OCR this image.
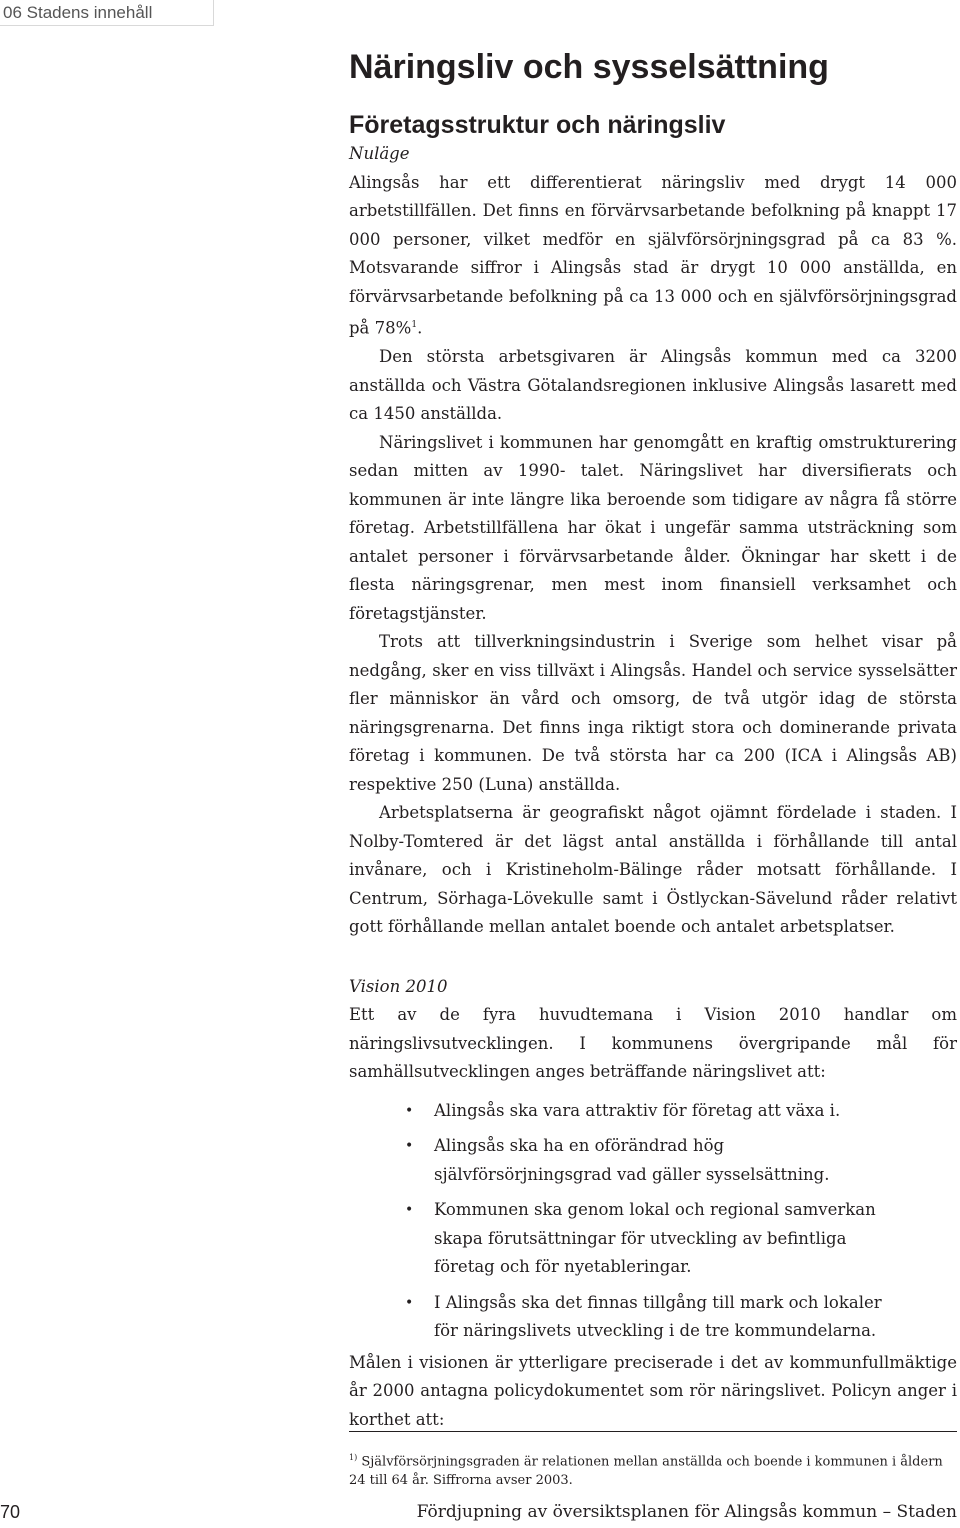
06 Stadens innehåll
Näringsliv och sysselsättning
Företagsstruktur och näringsliv

Nuläge

Alingsås har ett differentierat näringsliv med drygt 14 000 arbetstillfällen. Det finns en förvärvsarbetande befolkning på knappt 17 000 personer, vilket medför en självförsörjningsgrad på ca 83 %. Motsvarande siffror i Alingsås stad är drygt 10 000 anställda, en förvärvsarbetande befolkning på ca 13 000 och en självförsörjningsgrad på 78%$^1$.

Den största arbetsgivaren är Alingsås kommun med ca 3200 anställda och Västra Götalandsregionen inklusive Alingsås lasarett med ca 1450 anställda.

Näringslivet i kommunen har genomgått en kraftig omstrukturering sedan mitten av 1990- talet. Näringslivet har diversifierats och kommunen är inte längre lika beroende som tidigare av några få större företag. Arbetstillfällena har ökat i ungefär samma utsträckning som antalet personer i förvärvsarbetande ålder. Ökningar har skett i de flesta näringsgrenar, men mest inom finansiell verksamhet och företagstjänster.

Trots att tillverkningsindustrin i Sverige som helhet visar på nedgång, sker en viss tillväxt i Alingsås. Handel och service sysselsätter fler människor än vård och omsorg, de två utgör idag de största näringsgrenarna. Det finns inga riktigt stora och dominerande privata företag i kommunen. De två största har ca 200 (ICA i Alingsås AB) respektive 250 (Luna) anställda.

Arbetsplatserna är geografiskt något ojämnt fördelade i staden. I Nolby-Tomtered är det lägst antal anställda i förhållande till antal invånare, och i Kristineholm-Bälinge råder motsatt förhållande. I Centrum, Sörhaga-Lövekulle samt i Östlyckan-Sävelund råder relativt gott förhållande mellan antalet boende och antalet arbetsplatser.

Vision 2010

Ett av de fyra huvudtemana i Vision 2010 handlar om näringslivsutvecklingen. I kommunens övergripande mål för samhällsutvecklingen anges beträffande näringslivet att:

• Alingsås ska vara attraktiv för företag att växa i.
• Alingsås ska ha en oförändrad hög självförsörjningsgrad vad gäller sysselsättning.
• Kommunen ska genom lokal och regional samverkan skapa förutsättningar för utveckling av befintliga företag och för nyetableringar.
• I Alingsås ska det finnas tillgång till mark och lokaler för näringslivets utveckling i de tre kommundelarna.

Målen i visionen är ytterligare preciserade i det av kommunfullmäktige år 2000 antagna policydokumentet som rör näringslivet. Policyn anger i korthet att:

$^{1)}$ Självförsörjningsgraden är relationen mellan anställda och boende i kommunen i åldern 24 till 64 år. Siffrorna avser 2003.

70	Fördjupning av översiktsplanen för Alingsås kommun – Staden
